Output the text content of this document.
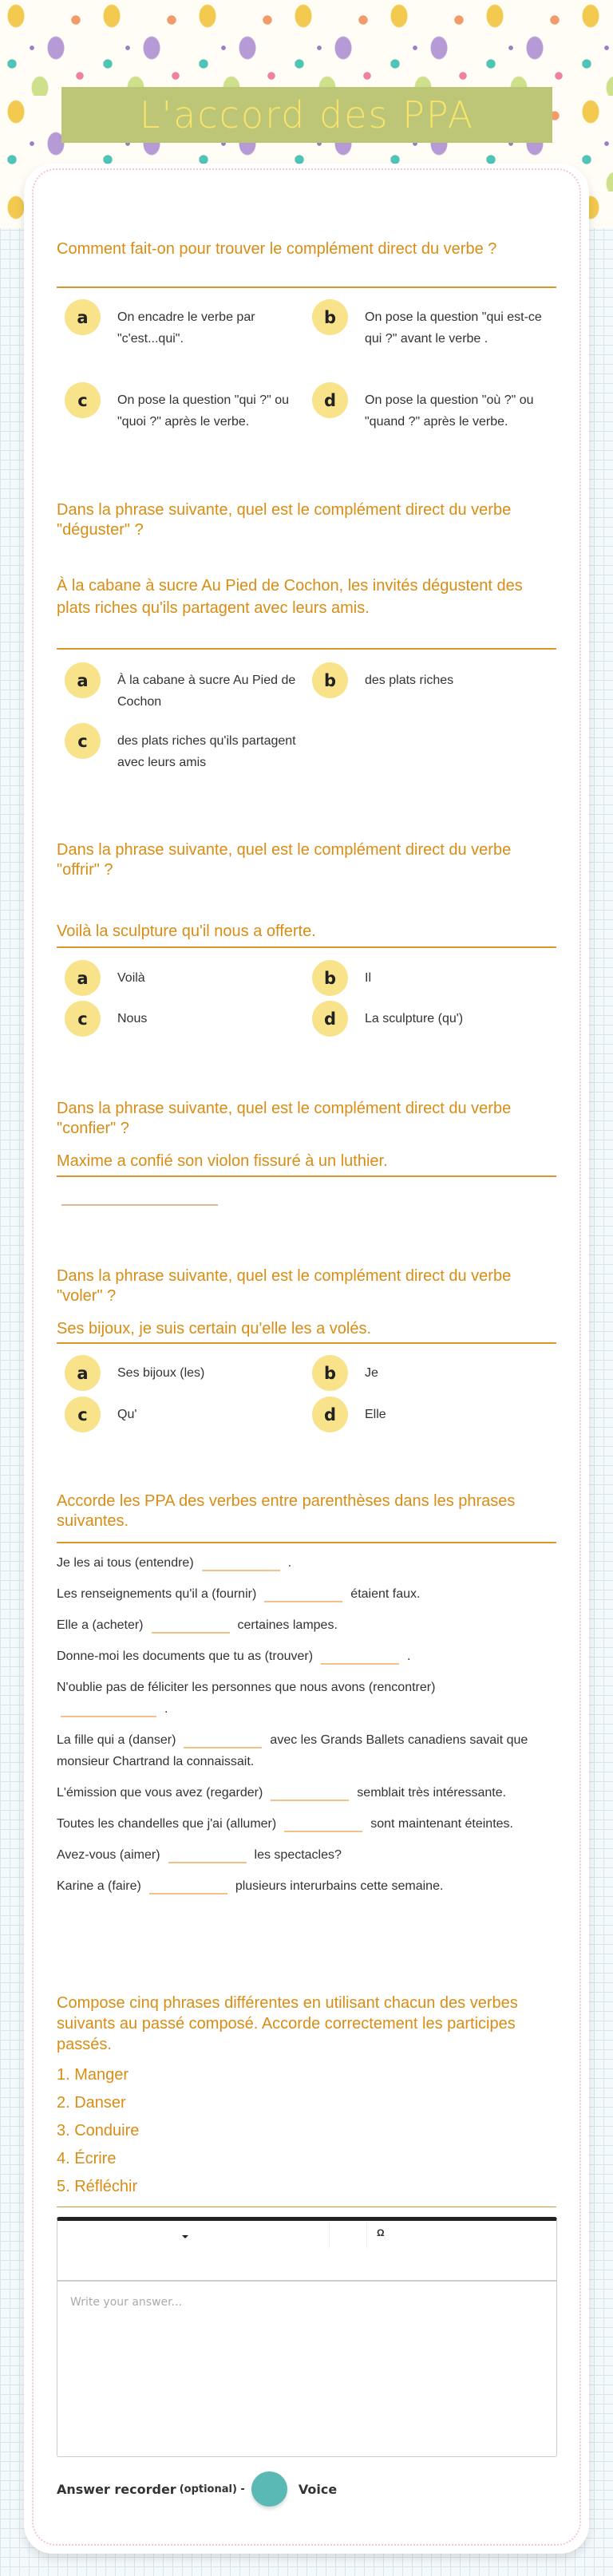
L'accord des PPA
Comment fait-on pour trouver le complément direct du verbe ?
a	On encadre le verbe par "c'est...qui".
b	On pose la question "qui est-ce qui ?" avant le verbe .
c	On pose la question "qui ?" ou "quoi ?" après le verbe.
d	On pose la question "où ?" ou "quand ?" après le verbe.
Dans la phrase suivante, quel est le complément direct du verbe "déguster" ?
À la cabane à sucre Au Pied de Cochon, les invités dégustent des plats riches qu'ils partagent avec leurs amis.
a	À la cabane à sucre Au Pied de Cochon
b	des plats riches
c	des plats riches qu'ils partagent avec leurs amis
Dans la phrase suivante, quel est le complément direct du verbe "offrir" ?
Voilà la sculpture qu'il nous a offerte.
a	Voilà	b	Il
c	Nous	d	La sculpture (qu')
Dans la phrase suivante, quel est le complément direct du verbe "confier" ?
Maxime a confié son violon fissuré à un luthier.
Dans la phrase suivante, quel est le complément direct du verbe "voler" ?
Ses bijoux, je suis certain qu'elle les a volés.
a	Ses bijoux (les)	b	Je
c	Qu'	d	Elle
Accorde les PPA des verbes entre parenthèses dans les phrases suivantes.

Je les ai tous (entendre)	.

Les renseignements qu'il a (fournir)	étaient faux.

Elle a (acheter)	certaines lampes.

Donne-moi les documents que tu as (trouver)	.

N'oublie pas de féliciter les personnes que nous avons (rencontrer)
.

La fille qui a (danser)	avec les Grands Ballets canadiens savait que monsieur Chartrand la connaissait.

L'émission que vous avez (regarder)	semblait très intéressante.

Toutes les chandelles que j'ai (allumer)	sont maintenant éteintes.

Avez-vous (aimer)	les spectacles?

Karine a (faire)	plusieurs interurbains cette semaine.

Compose cinq phrases différentes en utilisant chacun des verbes suivants au passé composé. Accorde correctement les participes passés.
1. Manger
2. Danser
3. Conduire
4. Écrire
5. Réfléchir
Ω
Write your answer...
Answer recorder (optional) -	Voice
